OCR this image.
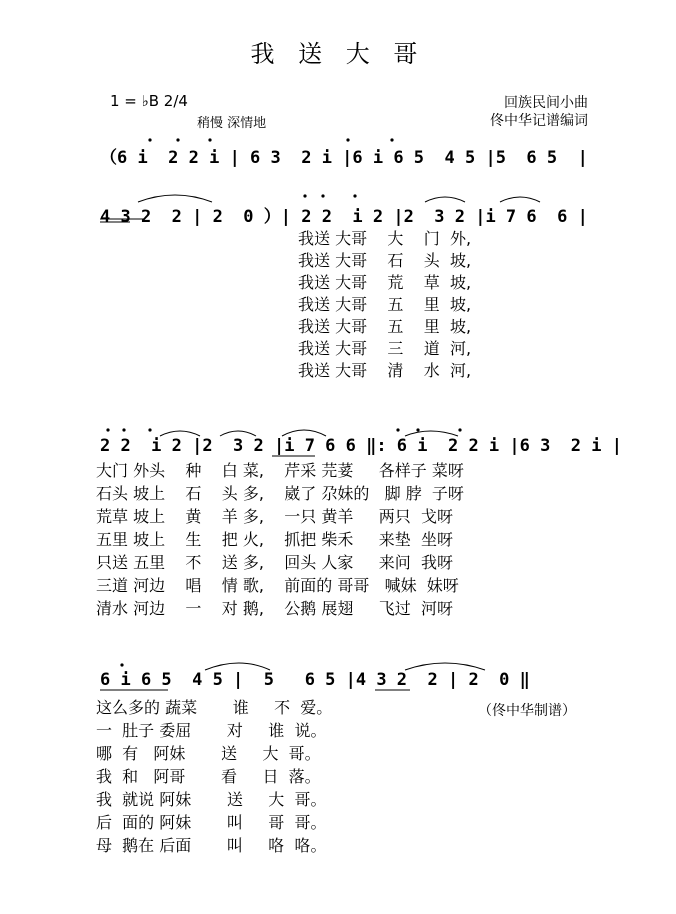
我 送 大 哥
1 = ♭B 2/4
稍慢 深情地
回族民间小曲
佟中华记谱编词
（6 i  2 2 i | 6 3  2 i |6 i 6 5  4 5 |5  6 5  |
4 3 2  2 | 2  0 ）| 2 2  i 2 |2  3 2 |i 7 6  6 |
我送 大哥    大    门  外,
我送 大哥    石    头  坡,
我送 大哥    荒    草  坡,
我送 大哥    五    里  坡,
我送 大哥    五    里  坡,
我送 大哥    三    道  河,
我送 大哥    清    水  河,
2 2  i 2 |2  3 2 |i 7 6 6 ‖: 6 i  2 2 i |6 3  2 i |
大门 外头    种    白 菜,    芹采 芫荽     各样子 菜呀
石头 坡上    石    头 多,    崴了 尕妹的   脚 脖  子呀
荒草 坡上    黄    羊 多,    一只 黄羊     两只  戈呀
五里 坡上    生    把 火,    抓把 柴禾     来垫  坐呀
只送 五里    不    送 多,    回头 人家     来问  我呀
三道 河边    唱    情 歌,    前面的 哥哥   喊妹  妹呀
清水 河边    一    对 鹅,    公鹅 展翅     飞过  河呀
6 i 6 5  4 5 |  5   6 5 |4 3 2  2 | 2  0 ‖
这么多的 蔬菜       谁     不  爱。	（佟中华制谱）
一  肚子 委屈       对     谁  说。
哪  有   阿妹       送     大  哥。
我  和   阿哥       看     日  落。
我  就说 阿妹       送     大  哥。
后  面的 阿妹       叫     哥  哥。
母  鹅在 后面       叫     咯  咯。
